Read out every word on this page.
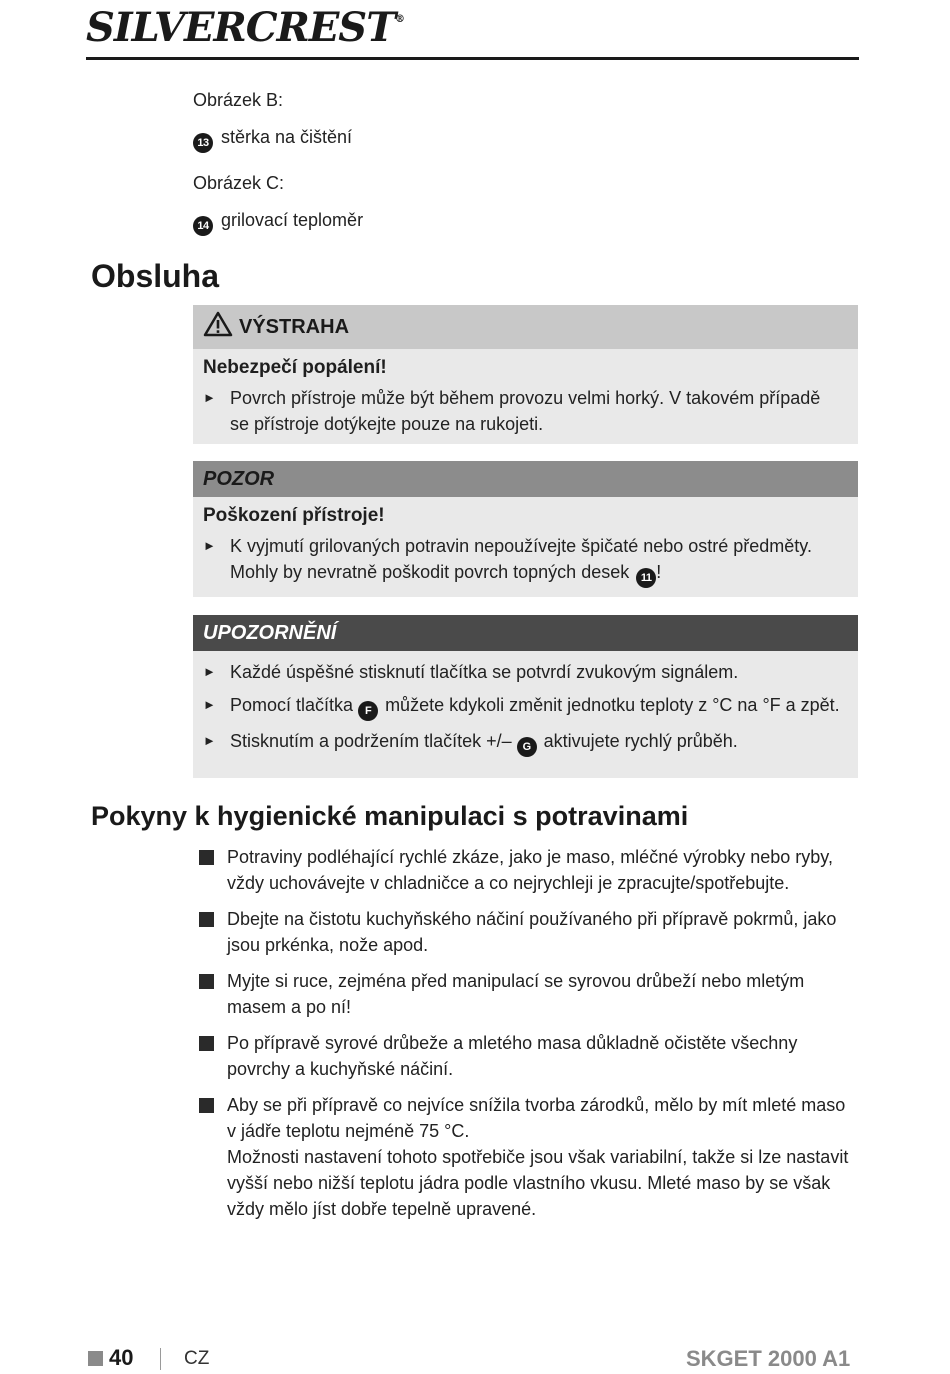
SILVERCREST®
Obrázek B:
13 stěrka na čištění
Obrázek C:
14 grilovací teploměr
Obsluha
VÝSTRAHA
Nebezpečí popálení!
► Povrch přístroje může být během provozu velmi horký. V takovém případě se přístroje dotýkejte pouze na rukojeti.
POZOR
Poškození přístroje!
► K vyjmutí grilovaných potravin nepoužívejte špičaté nebo ostré předměty. Mohly by nevratně poškodit povrch topných desek 11 !
UPOZORNĚNÍ
► Každé úspěšné stisknutí tlačítka se potvrdí zvukovým signálem.
► Pomocí tlačítka F můžete kdykoli změnit jednotku teploty z °C na °F a zpět.
► Stisknutím a podržením tlačítek +/– G aktivujete rychlý průběh.
Pokyny k hygienické manipulaci s potravinami
Potraviny podléhající rychlé zkáze, jako je maso, mléčné výrobky nebo ryby, vždy uchovávejte v chladničce a co nejrychleji je zpracujte/spotřebujte.
Dbejte na čistotu kuchyňského náčiní používaného při přípravě pokrmů, jako jsou prkénka, nože apod.
Myjte si ruce, zejména před manipulací se syrovou drůbeží nebo mletým masem a po ní!
Po přípravě syrové drůbeže a mletého masa důkladně očistěte všechny povrchy a kuchyňské náčiní.
Aby se při přípravě co nejvíce snížila tvorba zárodků, mělo by mít mleté maso v jádře teplotu nejméně 75 °C.
Možnosti nastavení tohoto spotřebiče jsou však variabilní, takže si lze nastavit vyšší nebo nižší teplotu jádra podle vlastního vkusu. Mleté maso by se však vždy mělo jíst dobře tepelně upravené.
40	CZ	SKGET 2000 A1
